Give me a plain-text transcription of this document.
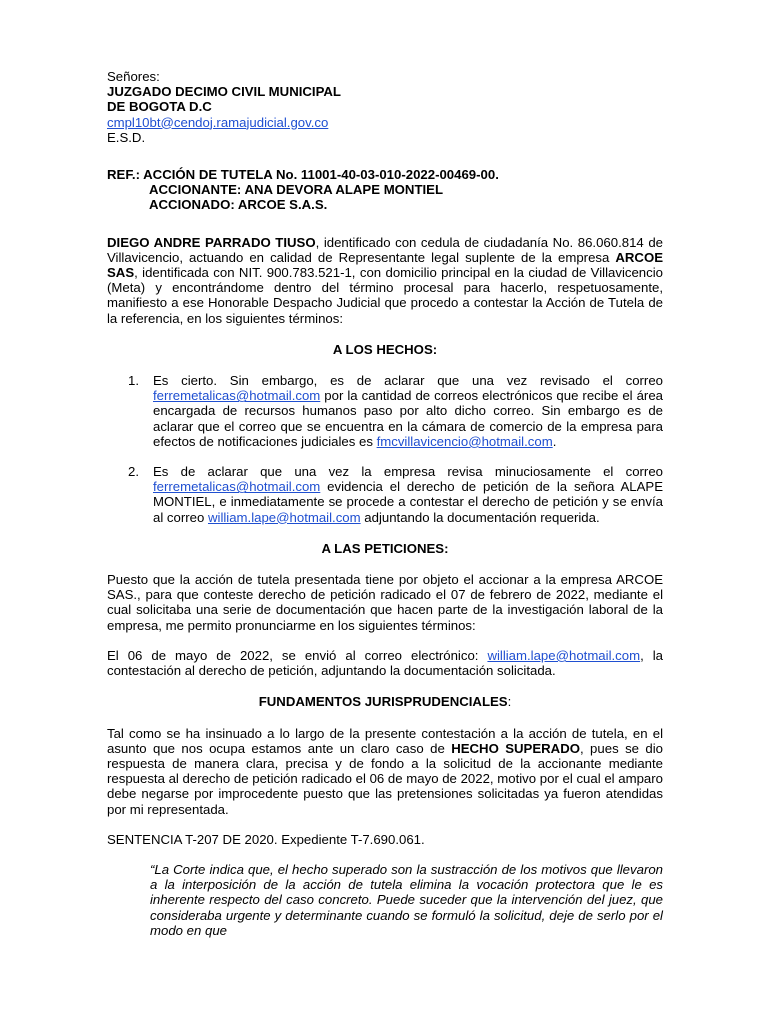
Señores:
JUZGADO DECIMO CIVIL MUNICIPAL
DE BOGOTA D.C
cmpl10bt@cendoj.ramajudicial.gov.co
E.S.D.
REF.: ACCIÓN DE TUTELA No. 11001-40-03-010-2022-00469-00.
ACCIONANTE: ANA DEVORA ALAPE MONTIEL
ACCIONADO: ARCOE S.A.S.

DIEGO ANDRE PARRADO TIUSO, identificado con cedula de ciudadanía No. 86.060.814 de Villavicencio, actuando en calidad de Representante legal suplente de la empresa ARCOE SAS, identificada con NIT. 900.783.521-1, con domicilio principal en la ciudad de Villavicencio (Meta) y encontrándome dentro del término procesal para hacerlo, respetuosamente, manifiesto a ese Honorable Despacho Judicial que procedo a contestar la Acción de Tutela de la referencia, en los siguientes términos:

A LOS HECHOS:
1. Es cierto. Sin embargo, es de aclarar que una vez revisado el correo ferremetalicas@hotmail.com por la cantidad de correos electrónicos que recibe el área encargada de recursos humanos paso por alto dicho correo. Sin embargo es de aclarar que el correo que se encuentra en la cámara de comercio de la empresa para efectos de notificaciones judiciales es fmcvillavicencio@hotmail.com.
2. Es de aclarar que una vez la empresa revisa minuciosamente el correo ferremetalicas@hotmail.com evidencia el derecho de petición de la señora ALAPE MONTIEL, e inmediatamente se procede a contestar el derecho de petición y se envía al correo william.lape@hotmail.com adjuntando la documentación requerida.
A LAS PETICIONES:

Puesto que la acción de tutela presentada tiene por objeto el accionar a la empresa ARCOE SAS., para que conteste derecho de petición radicado el 07 de febrero de 2022, mediante el cual solicitaba una serie de documentación que hacen parte de la investigación laboral de la empresa, me permito pronunciarme en los siguientes términos:

El 06 de mayo de 2022, se envió al correo electrónico: william.lape@hotmail.com, la contestación al derecho de petición, adjuntando la documentación solicitada.

FUNDAMENTOS JURISPRUDENCIALES:

Tal como se ha insinuado a lo largo de la presente contestación a la acción de tutela, en el asunto que nos ocupa estamos ante un claro caso de HECHO SUPERADO, pues se dio respuesta de manera clara, precisa y de fondo a la solicitud de la accionante mediante respuesta al derecho de petición radicado el 06 de mayo de 2022, motivo por el cual el amparo debe negarse por improcedente puesto que las pretensiones solicitadas ya fueron atendidas por mi representada.

SENTENCIA T-207 DE 2020. Expediente T-7.690.061.

“La Corte indica que, el hecho superado son la sustracción de los motivos que llevaron a la interposición de la acción de tutela elimina la vocación protectora que le es inherente respecto del caso concreto. Puede suceder que la intervención del juez, que consideraba urgente y determinante cuando se formuló la solicitud, deje de serlo por el modo en que
